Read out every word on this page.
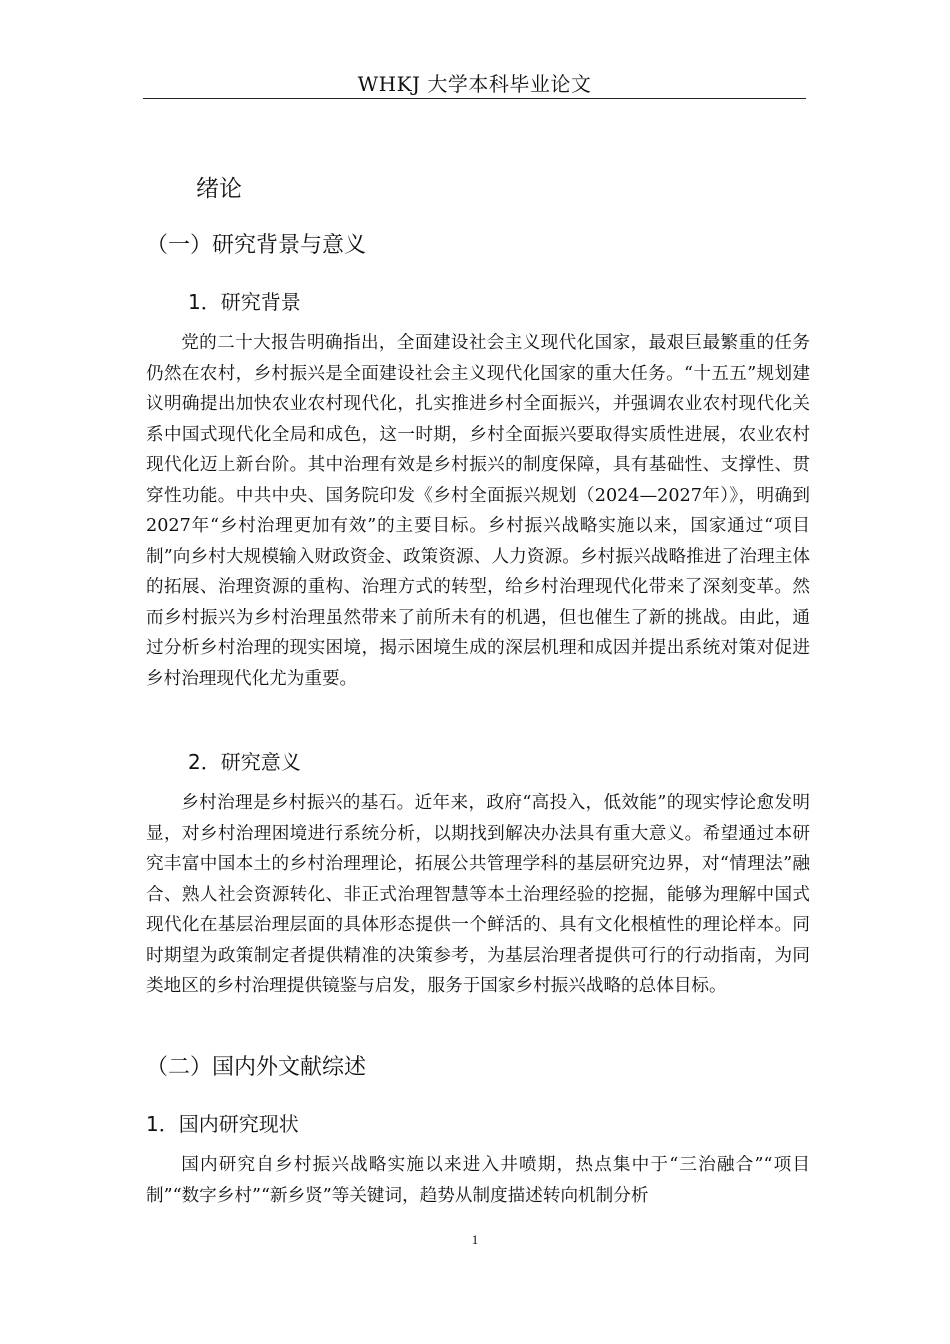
WHKJ 大学本科毕业论文
绪论
（一）研究背景与意义
1．研究背景

党的二十大报告明确指出，全面建设社会主义现代化国家，最艰巨最繁重的任务仍然在农村，乡村振兴是全面建设社会主义现代化国家的重大任务。“十五五”规划建议明确提出加快农业农村现代化，扎实推进乡村全面振兴，并强调农业农村现代化关系中国式现代化全局和成色，这一时期，乡村全面振兴要取得实质性进展，农业农村现代化迈上新台阶。其中治理有效是乡村振兴的制度保障，具有基础性、支撑性、贯穿性功能。中共中央、国务院印发《乡村全面振兴规划（2024—2027年）》，明确到2027年“乡村治理更加有效”的主要目标。乡村振兴战略实施以来，国家通过“项目制”向乡村大规模输入财政资金、政策资源、人力资源。乡村振兴战略推进了治理主体的拓展、治理资源的重构、治理方式的转型，给乡村治理现代化带来了深刻变革。然而乡村振兴为乡村治理虽然带来了前所未有的机遇，但也催生了新的挑战。由此，通过分析乡村治理的现实困境，揭示困境生成的深层机理和成因并提出系统对策对促进乡村治理现代化尤为重要。

2．研究意义

乡村治理是乡村振兴的基石。近年来，政府“高投入，低效能”的现实悖论愈发明显，对乡村治理困境进行系统分析，以期找到解决办法具有重大意义。希望通过本研究丰富中国本土的乡村治理理论，拓展公共管理学科的基层研究边界，对“情理法”融合、熟人社会资源转化、非正式治理智慧等本土治理经验的挖掘，能够为理解中国式现代化在基层治理层面的具体形态提供一个鲜活的、具有文化根植性的理论样本。同时期望为政策制定者提供精准的决策参考，为基层治理者提供可行的行动指南，为同类地区的乡村治理提供镜鉴与启发，服务于国家乡村振兴战略的总体目标。

（二）国内外文献综述
1．国内研究现状

国内研究自乡村振兴战略实施以来进入井喷期，热点集中于“三治融合”“项目制”“数字乡村”“新乡贤”等关键词，趋势从制度描述转向机制分析

1
